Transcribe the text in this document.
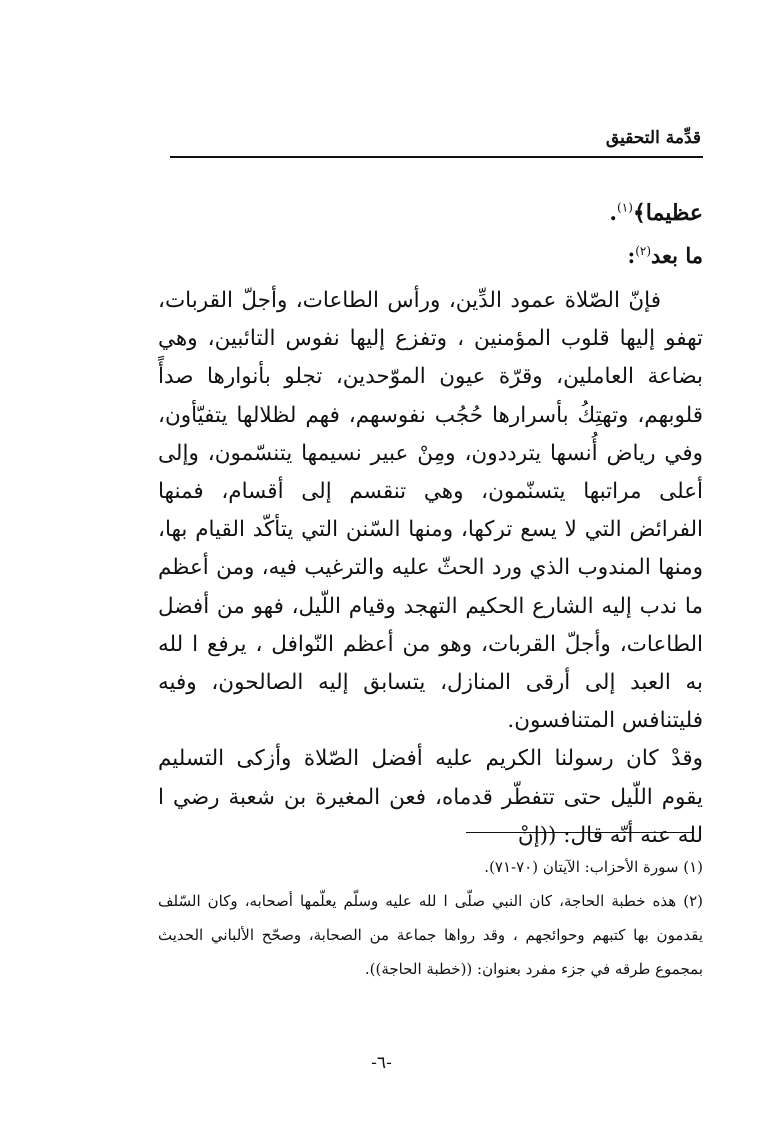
قدِّمة التحقيق
عظيما﴾$^{(١)}$.
ما بعد$^{(٢)}$:

فإنّ الصّلاة عمود الدِّين، ورأس الطاعات، وأجلّ القربات، تهفو إليها قلوب المؤمنين ، وتفزع إليها نفوس التائبين، وهي بضاعة العاملين، وقرّة عيون الموّحدين، تجلو بأنوارها صدأً قلوبهم، وتهتِكُ بأسرارها حُجُب نفوسهم، فهم لظلالها يتفيّأون، وفي رياض أُنسها يترددون، ومِنْ عبير نسيمها يتنسّمون، وإلى أعلى مراتبها يتسنّمون، وهي تنقسم إلى أقسام، فمنها الفرائض التي لا يسع تركها، ومنها السّنن التي يتأكّد القيام بها، ومنها المندوب الذي ورد الحثّ عليه والترغيب فيه، ومن أعظم ما ندب إليه الشارع الحكيم التهجد وقيام اللّيل، فهو من أفضل الطاعات، وأجلّ القربات، وهو من أعظم النّوافل ، يرفع ا لله به العبد إلى أرقى المنازل، يتسابق إليه الصالحون، وفيه فليتنافس المتنافسون.

وقدْ كان رسولنا الكريم عليه أفضل الصّلاة وأزكى التسليم يقوم اللّيل حتى تتفطّر قدماه، فعن المغيرة بن شعبة رضي ا لله عنه أنّه قال: ((إنْ

(١) سورة الأحزاب: الآيتان (٧٠-٧١).

(٢) هذه خطبة الحاجة، كان النبي صلّى ا لله عليه وسلّم يعلّمها أصحابه، وكان السّلف يقدمون بها كتبهم وحوائجهم ، وقد رواها جماعة من الصحابة، وصحّح الألباني الحديث بمجموع طرقه في جزء مفرد بعنوان: ((خطبة الحاجة)).

-٦-
